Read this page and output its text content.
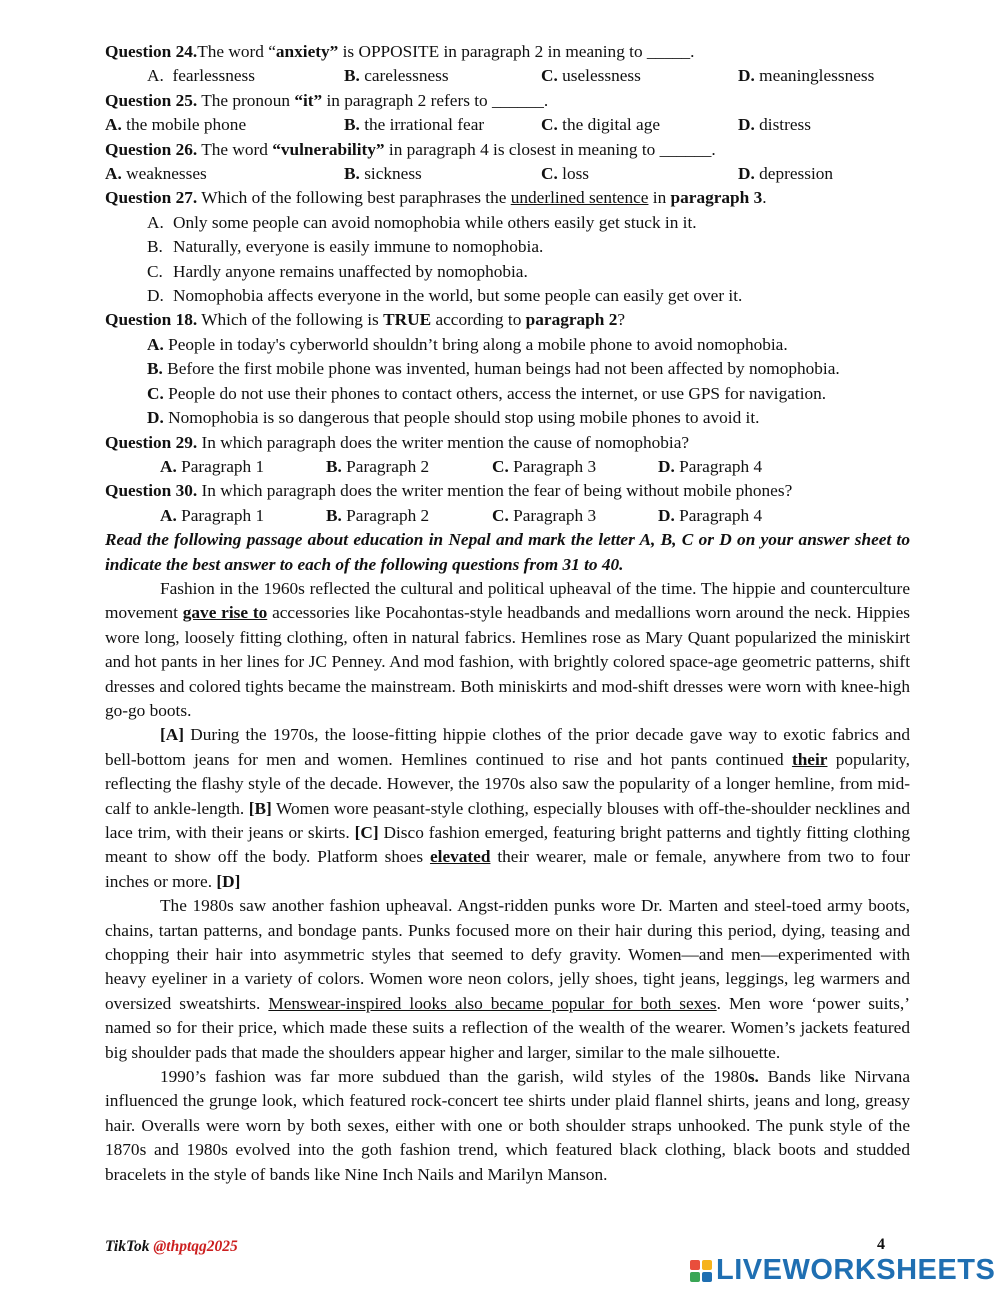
Question 24.The word “anxiety” is OPPOSITE in paragraph 2 in meaning to _____.
A. fearlessness	B. carelessness	C. uselessness	D. meaninglessness
Question 25. The pronoun “it” in paragraph 2 refers to ______.
A. the mobile phone	B. the irrational fear	C. the digital age	D. distress
Question 26. The word “vulnerability” in paragraph 4 is closest in meaning to ______.
A. weaknesses	B. sickness	C. loss	D. depression
Question 27. Which of the following best paraphrases the underlined sentence in paragraph 3.
A. Only some people can avoid nomophobia while others easily get stuck in it.
B. Naturally, everyone is easily immune to nomophobia.
C. Hardly anyone remains unaffected by nomophobia.
D. Nomophobia affects everyone in the world, but some people can easily get over it.
Question 18. Which of the following is TRUE according to paragraph 2?
A. People in today's cyberworld shouldn’t bring along a mobile phone to avoid nomophobia.
B. Before the first mobile phone was invented, human beings had not been affected by nomophobia.
C. People do not use their phones to contact others, access the internet, or use GPS for navigation.
D. Nomophobia is so dangerous that people should stop using mobile phones to avoid it.
Question 29. In which paragraph does the writer mention the cause of nomophobia?
A. Paragraph 1	B. Paragraph 2	C. Paragraph 3	D. Paragraph 4
Question 30. In which paragraph does the writer mention the fear of being without mobile phones?
A. Paragraph 1	B. Paragraph 2	C. Paragraph 3	D. Paragraph 4
Read the following passage about education in Nepal and mark the letter A, B, C or D on your answer sheet to indicate the best answer to each of the following questions from 31 to 40.

Fashion in the 1960s reflected the cultural and political upheaval of the time. The hippie and counterculture movement gave rise to accessories like Pocahontas-style headbands and medallions worn around the neck. Hippies wore long, loosely fitting clothing, often in natural fabrics. Hemlines rose as Mary Quant popularized the miniskirt and hot pants in her lines for JC Penney. And mod fashion, with brightly colored space-age geometric patterns, shift dresses and colored tights became the mainstream. Both miniskirts and mod-shift dresses were worn with knee-high go-go boots.

[A] During the 1970s, the loose-fitting hippie clothes of the prior decade gave way to exotic fabrics and bell-bottom jeans for men and women. Hemlines continued to rise and hot pants continued their popularity, reflecting the flashy style of the decade. However, the 1970s also saw the popularity of a longer hemline, from mid-calf to ankle-length. [B] Women wore peasant-style clothing, especially blouses with off-the-shoulder necklines and lace trim, with their jeans or skirts. [C] Disco fashion emerged, featuring bright patterns and tightly fitting clothing meant to show off the body. Platform shoes elevated their wearer, male or female, anywhere from two to four inches or more. [D]

The 1980s saw another fashion upheaval. Angst-ridden punks wore Dr. Marten and steel-toed army boots, chains, tartan patterns, and bondage pants. Punks focused more on their hair during this period, dying, teasing and chopping their hair into asymmetric styles that seemed to defy gravity. Women—and men—experimented with heavy eyeliner in a variety of colors. Women wore neon colors, jelly shoes, tight jeans, leggings, leg warmers and oversized sweatshirts. Menswear-inspired looks also became popular for both sexes. Men wore ‘power suits,’ named so for their price, which made these suits a reflection of the wealth of the wearer. Women’s jackets featured big shoulder pads that made the shoulders appear higher and larger, similar to the male silhouette.

1990’s fashion was far more subdued than the garish, wild styles of the 1980s. Bands like Nirvana influenced the grunge look, which featured rock-concert tee shirts under plaid flannel shirts, jeans and long, greasy hair. Overalls were worn by both sexes, either with one or both shoulder straps unhooked. The punk style of the 1870s and 1980s evolved into the goth fashion trend, which featured black clothing, black boots and studded bracelets in the style of bands like Nine Inch Nails and Marilyn Manson.

TikTok @thptqg2025	4
LIVEWORKSHEETS
